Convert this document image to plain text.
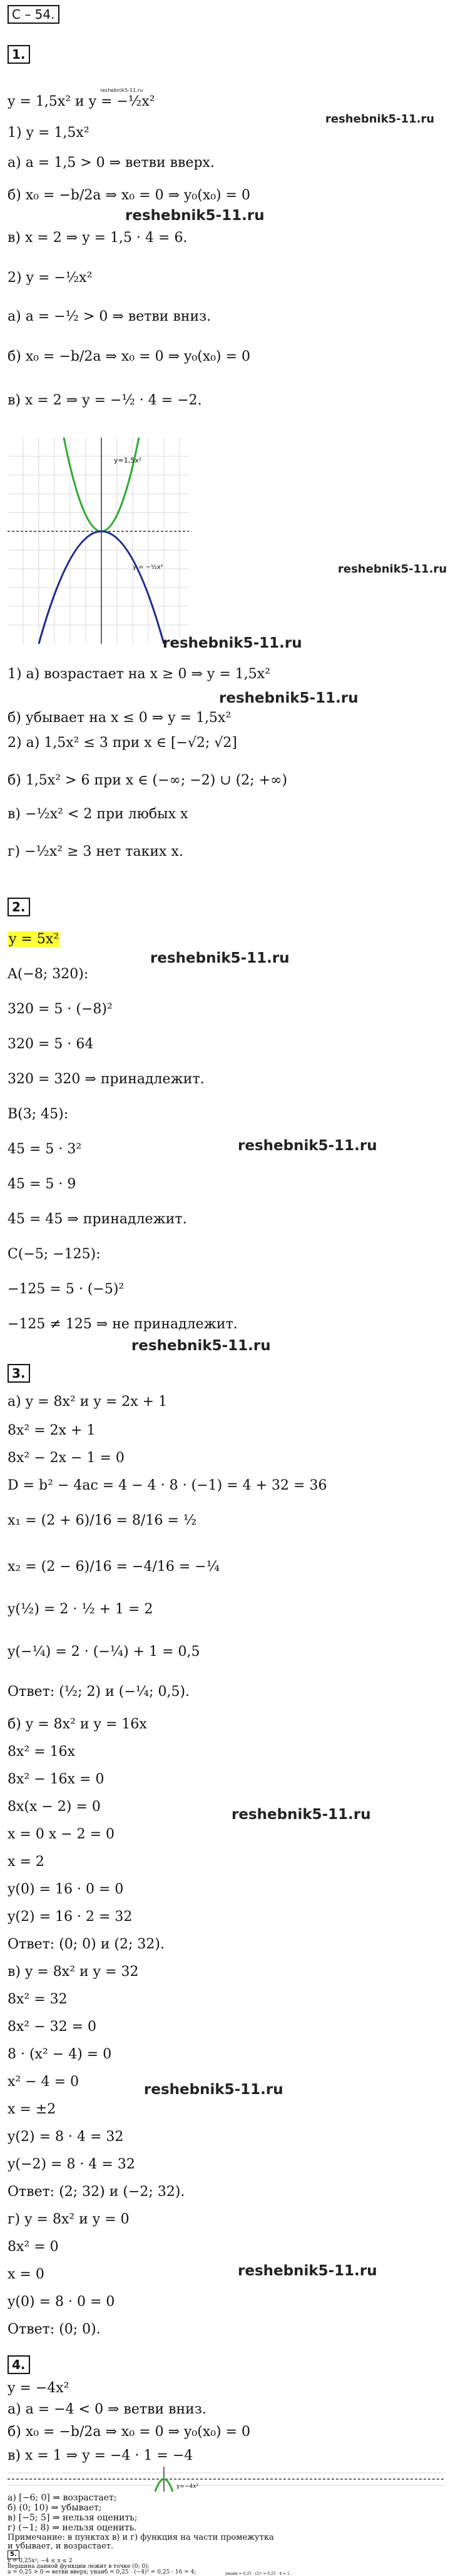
С – 54.
1.
y = 1,5x² и y = −½x²
1) y = 1,5x²
а) a = 1,5 > 0 ⇒ ветви вверх.
б) x₀ = −b/2a ⇒ x₀ = 0 ⇒ y₀(x₀) = 0
в) x = 2 ⇒ y = 1,5 · 4 = 6.
2) y = −½x²
а) a = −½ > 0 ⇒ ветви вниз.
б) x₀ = −b/2a ⇒ x₀ = 0 ⇒ y₀(x₀) = 0
в) x = 2 ⇒ y = −½ · 4 = −2.
y=1,5x²
y = −½x²
1) а) возрастает на x ≥ 0 ⇒ y = 1,5x²
б) убывает на x ≤ 0 ⇒ y = 1,5x²
2) а) 1,5x² ≤ 3 при x ∈ [−√2; √2]
б) 1,5x² > 6 при x ∈ (−∞; −2) ∪ (2; +∞)
в) −½x² < 2 при любых x
г) −½x² ≥ 3 нет таких x.
2.
y = 5x²
A(−8; 320):
320 = 5 · (−8)²
320 = 5 · 64
320 = 320 ⇒ принадлежит.
B(3; 45):
45 = 5 · 3²
45 = 5 · 9
45 = 45 ⇒ принадлежит.
C(−5; −125):
−125 = 5 · (−5)²
−125 ≠ 125 ⇒ не принадлежит.
3.
а) y = 8x² и y = 2x + 1
8x² = 2x + 1
8x² − 2x − 1 = 0
D = b² − 4ac = 4 − 4 · 8 · (−1) = 4 + 32 = 36
x₁ = (2 + 6)/16 = 8/16 = ½
x₂ = (2 − 6)/16 = −4/16 = −¼
y(½) = 2 · ½ + 1 = 2
y(−¼) = 2 · (−¼) + 1 = 0,5
Ответ: (½; 2) и (−¼; 0,5).
б) y = 8x² и y = 16x
8x² = 16x
8x² − 16x = 0
8x(x − 2) = 0
x = 0 x − 2 = 0
x = 2
y(0) = 16 · 0 = 0
y(2) = 16 · 2 = 32
Ответ: (0; 0) и (2; 32).
в) y = 8x² и y = 32
8x² = 32
8x² − 32 = 0
8 · (x² − 4) = 0
x² − 4 = 0
x = ±2
y(2) = 8 · 4 = 32
y(−2) = 8 · 4 = 32
Ответ: (2; 32) и (−2; 32).
г) y = 8x² и y = 0
8x² = 0
x = 0
y(0) = 8 · 0 = 0
Ответ: (0; 0).
4.
y = −4x²
а) a = −4 < 0 ⇒ ветви вниз.
б) x₀ = −b/2a ⇒ x₀ = 0 ⇒ y₀(x₀) = 0
в) x = 1 ⇒ y = −4 · 1 = −4
y=−4x²
а) [−6; 0] ⇒ возрастает;
б) (0; 10) ⇒ убывает;
в) [−5; 5] ⇒ нельзя оценить;
г) (−1; 8) ⇒ нельзя оценить.
Примечание: в пунктах в) и г) функция на части промежутка
и убывает, и возрастает.
5.
y = 0,25x²; −4 ≤ x ≤ 2
Вершина данной функции лежит в точке (0; 0);
a = 0,25 > 0 ⇒ ветви вверх; yнаиб = 0,25 · (−4)² = 0,25 · 16 = 4;	yнаим = 0,25 · (2)² = 0,25 · 4 = 1.
reshebnik5-11.ru
reshebnik5-11.ru
reshebnik5-11.ru
reshebnik5-11.ru
reshebnik5-11.ru
reshebnik5-11.ru
reshebnik5-11.ru
reshebnik5-11.ru
reshebnik5-11.ru
reshebnik5-11.ru
reshebnik5-11.ru
reshebnik5-11.ru
